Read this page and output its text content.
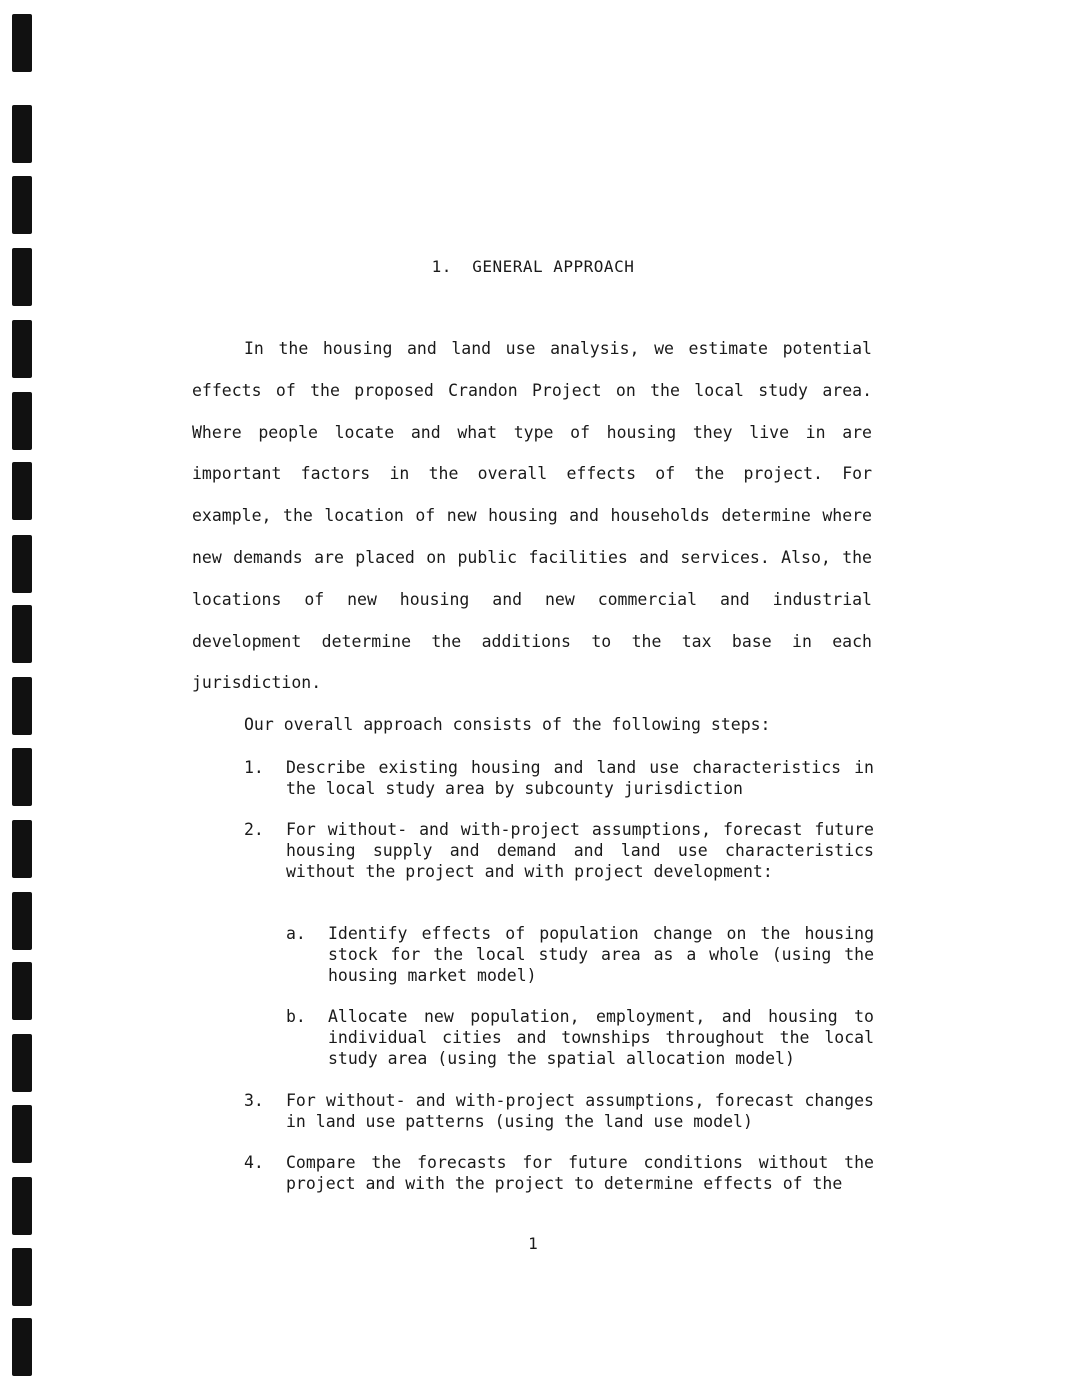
1.  GENERAL APPROACH

In the housing and land use analysis, we estimate potential effects of the proposed Crandon Project on the local study area. Where people locate and what type of housing they live in are important factors in the overall effects of the project. For example, the location of new housing and households determine where new demands are placed on public facilities and services. Also, the locations of new housing and new commercial and industrial development determine the additions to the tax base in each jurisdiction.

Our overall approach consists of the following steps:

1. Describe existing housing and land use characteristics in the local study area by subcounty jurisdiction
2. For without- and with-project assumptions, forecast future housing supply and demand and land use characteristics without the project and with project development:
a. Identify effects of population change on the housing stock for the local study area as a whole (using the housing market model)
b. Allocate new population, employment, and housing to individual cities and townships throughout the local study area (using the spatial allocation model)
3. For without- and with-project assumptions, forecast changes in land use patterns (using the land use model)
4. Compare the forecasts for future conditions without the project and with the project to determine effects of the
1
